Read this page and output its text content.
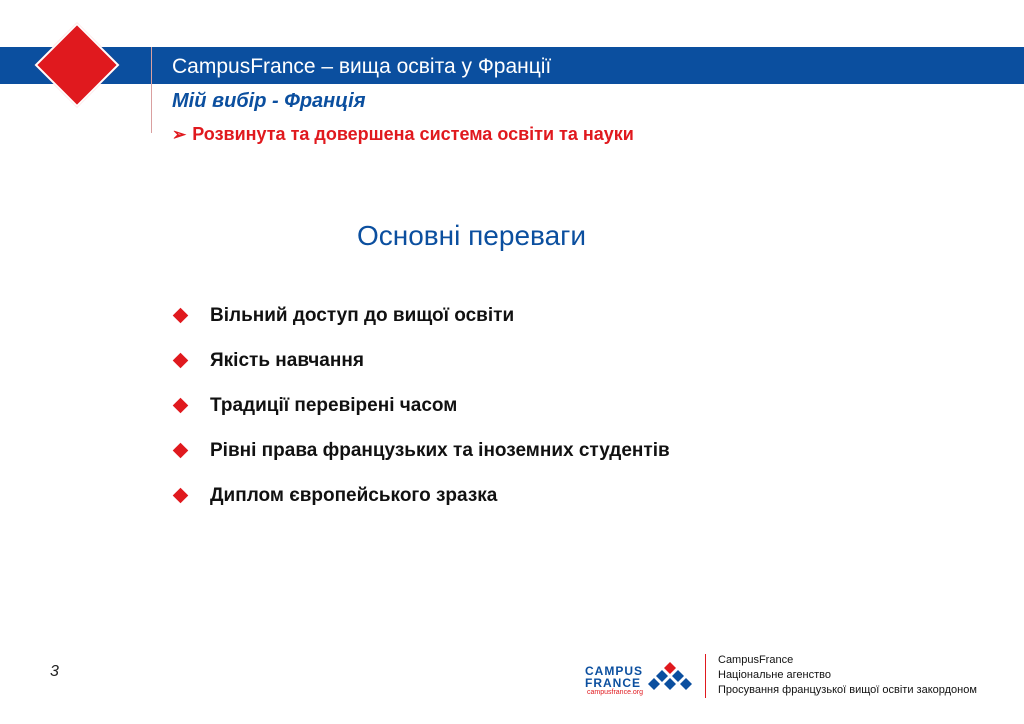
CampusFrance – вища освіта у Франції
Мій вибір - Франція
➢ Розвинута та довершена система освіти та науки
Основні переваги
Вільний доступ до вищої освіти
Якість навчання
Традиції перевірені часом
Рівні права французьких та іноземних студентів
Диплом європейського зразка
3	CAMPUS
FRANCE
campusfrance.org
CampusFrance
Національне агенство
Просування французької вищої освіти закордоном
